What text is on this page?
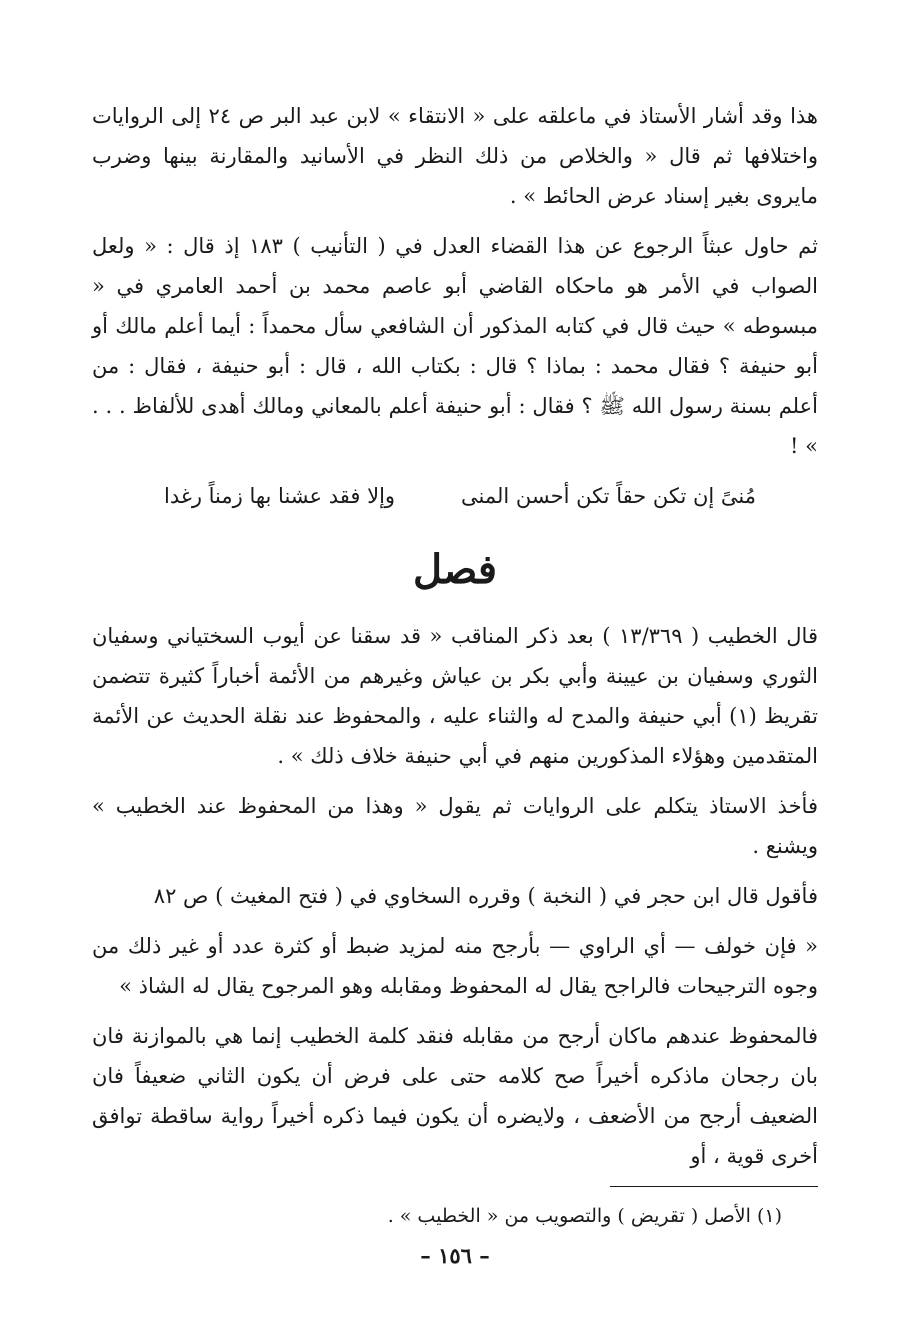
هذا وقد أشار الأستاذ في ماعلقه على « الانتقاء » لابن عبد البر ص ٢٤ إلى الروايات واختلافها ثم قال « والخلاص من ذلك النظر في الأسانيد والمقارنة بينها وضرب مايروى بغير إسناد عرض الحائط » .

ثم حاول عبثاً الرجوع عن هذا القضاء العدل في ( التأنيب ) ١٨٣ إذ قال : « ولعل الصواب في الأمر هو ماحكاه القاضي أبو عاصم محمد بن أحمد العامري في « مبسوطه » حيث قال في كتابه المذكور أن الشافعي سأل محمداً : أيما أعلم مالك أو أبو حنيفة ؟ فقال محمد : بماذا ؟ قال : بكتاب الله ، قال : أبو حنيفة ، فقال : من أعلم بسنة رسول الله ﷺ ؟ فقال : أبو حنيفة أعلم بالمعاني ومالك أهدى للألفاظ . . . » !

مُنىً إن تكن حقاً تكن أحسن المنى
وإلا فقد عشنا بها زمناً رغدا
فصل

قال الخطيب ( ١٣/٣٦٩ ) بعد ذكر المناقب « قد سقنا عن أيوب السختياني وسفيان الثوري وسفيان بن عيينة وأبي بكر بن عياش وغيرهم من الأئمة أخباراً كثيرة تتضمن تقريظ (١) أبي حنيفة والمدح له والثناء عليه ، والمحفوظ عند نقلة الحديث عن الأئمة المتقدمين وهؤلاء المذكورين منهم في أبي حنيفة خلاف ذلك » .

فأخذ الاستاذ يتكلم على الروايات ثم يقول « وهذا من المحفوظ عند الخطيب » ويشنع .

فأقول قال ابن حجر في ( النخبة ) وقرره السخاوي في ( فتح المغيث ) ص ٨٢

« فإن خولف — أي الراوي — بأرجح منه لمزيد ضبط أو كثرة عدد أو غير ذلك من وجوه الترجيحات فالراجح يقال له المحفوظ ومقابله وهو المرجوح يقال له الشاذ »

فالمحفوظ عندهم ماكان أرجح من مقابله فنقد كلمة الخطيب إنما هي بالموازنة فان بان رجحان ماذكره أخيراً صح كلامه حتى على فرض أن يكون الثاني ضعيفاً فان الضعيف أرجح من الأضعف ، ولايضره أن يكون فيما ذكره أخيراً رواية ساقطة توافق أخرى قوية ، أو

(١) الأصل ( تقريض ) والتصويب من « الخطيب » .

– ١٥٦ –
